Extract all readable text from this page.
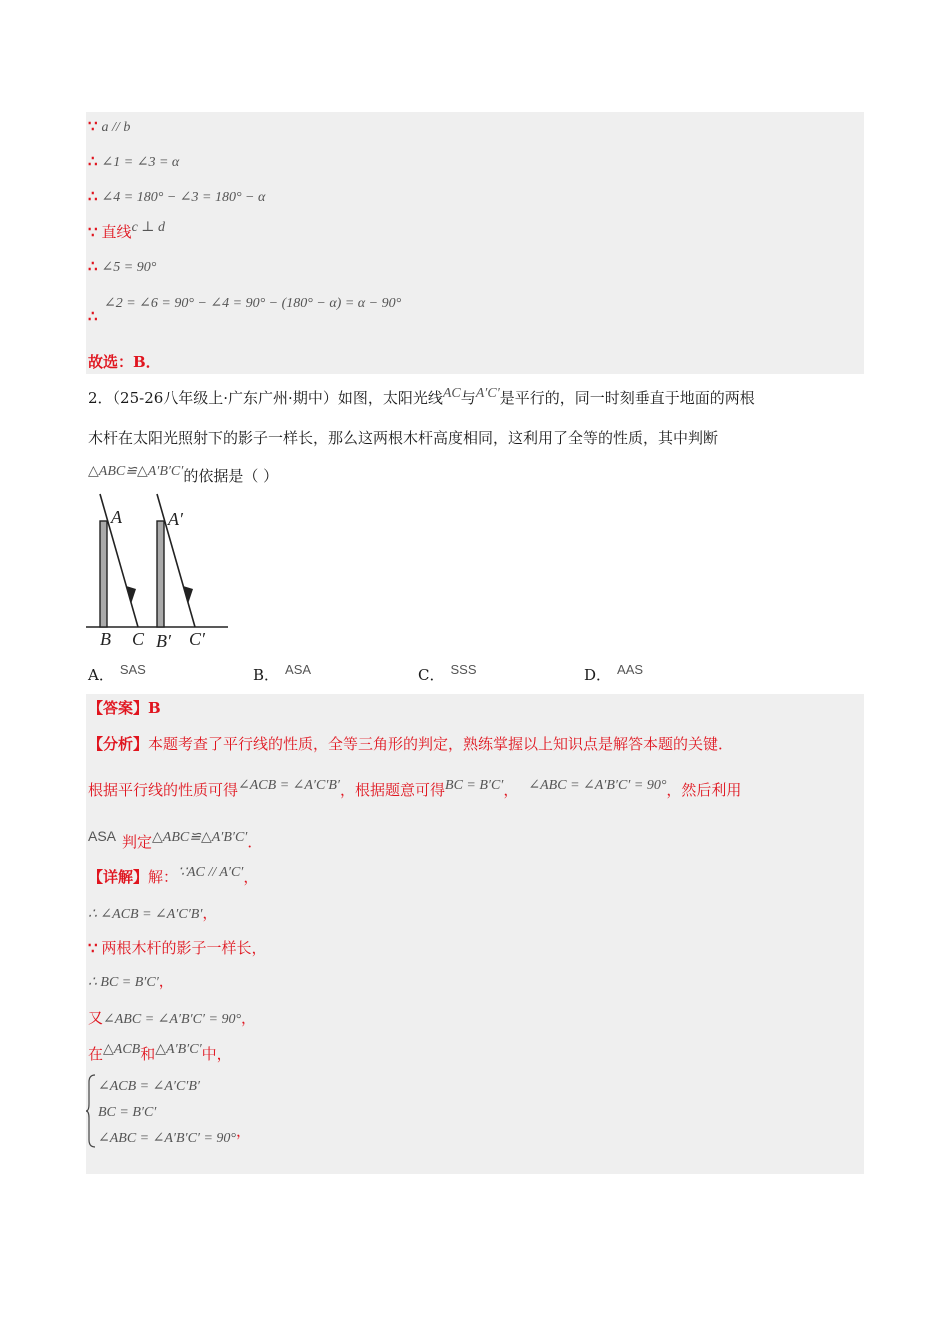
∵ a // b
∴ ∠1 = ∠3 = α
∴ ∠4 = 180° − ∠3 = 180° − α
∵ 直线c ⊥ d
∴ ∠5 = 90°
∠2 = ∠6 = 90° − ∠4 = 90° − (180° − α) = α − 90°
∴
故选：B．
2．（25-26八年级上·广东广州·期中）如图，太阳光线AC与A′C′是平行的，同一时刻垂直于地面的两根
木杆在太阳光照射下的影子一样长，那么这两根木杆高度相同，这利用了全等的性质，其中判断
△ABC≌△A′B′C′的依据是（ ）
A	A′
B C B′ C′
A． SAS	B． ASA	C． SSS	D． AAS
【答案】B
【分析】本题考查了平行线的性质，全等三角形的判定，熟练掌握以上知识点是解答本题的关键．
根据平行线的性质可得∠ACB = ∠A′C′B′，根据题意可得BC = B′C′， ∠ABC = ∠A′B′C′ = 90°，然后利用
ASA 判定△ABC≌△A′B′C′．
【详解】解：∵AC // A′C′，
∴ ∠ACB = ∠A′C′B′，
∵ 两根木杆的影子一样长，
∴ BC = B′C′，
又∠ABC = ∠A′B′C′ = 90°，
在△ACB和△A′B′C′中，
∠ACB = ∠A′C′B′
BC = B′C′
∠ABC = ∠A′B′C′ = 90°，
